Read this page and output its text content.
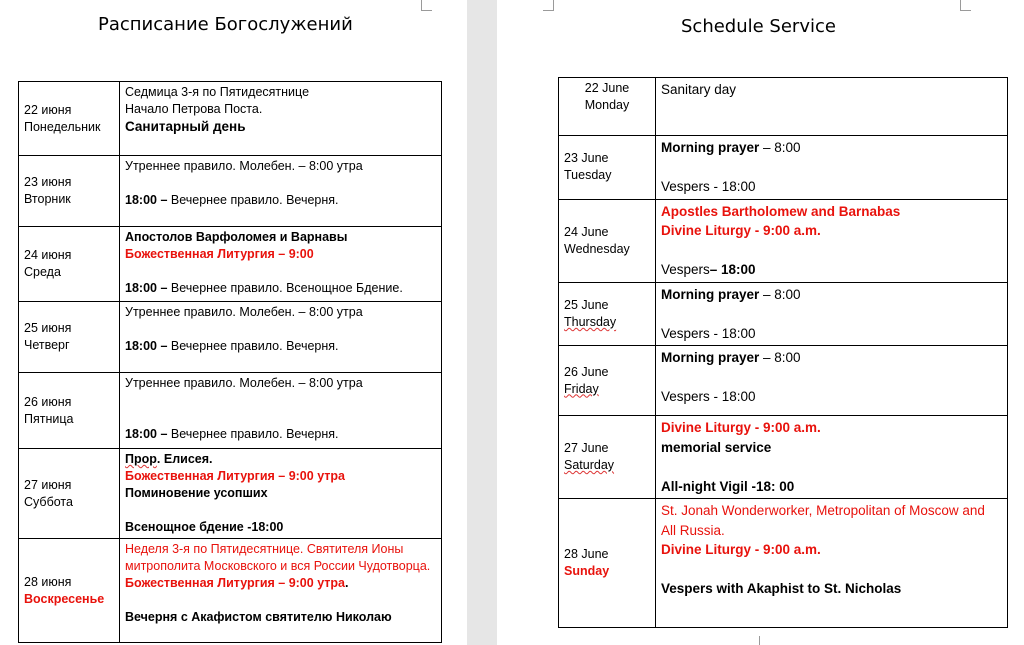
Расписание Богослужений
22 июня
Понедельник	Седмица 3-я по Пятидесятнице
Начало Петрова Поста.
Санитарный день

23 июня
Вторник	Утреннее правило. Молебен. – 8:00 утра
18:00 – Вечернее правило. Вечерня.

24 июня
Среда	Апостолов Варфоломея и Варнавы
Божественная Литургия – 9:00
18:00 – Вечернее правило. Всенощное Бдение.

25 июня
Четверг	Утреннее правило. Молебен. – 8:00 утра
18:00 – Вечернее правило. Вечерня.

26 июня
Пятница	Утреннее правило. Молебен. – 8:00 утра
18:00 – Вечернее правило. Вечерня.

27 июня
Суббота	Прор. Елисея.
Божественная Литургия – 9:00 утра
Поминовение усопших
Всенощное бдение -18:00

28 июня
Воскресенье	Неделя 3-я по Пятидесятнице. Святителя Ионы митрополита Московского и вся России Чудотворца.
Божественная Литургия – 9:00 утра.
Вечерня с Акафистом святителю Николаю
Schedule Service
22 June
Monday	Sanitary day

23 June
Tuesday	Morning prayer – 8:00
Vespers - 18:00

24 June
Wednesday	Apostles Bartholomew and Barnabas
Divine Liturgy - 9:00 a.m.
Vespers– 18:00

25 June
Thursday	Morning prayer – 8:00
Vespers - 18:00

26 June
Friday	Morning prayer – 8:00
Vespers - 18:00

27 June
Saturday	Divine Liturgy - 9:00 a.m.
memorial service
All-night Vigil -18: 00

28 June
Sunday	St. Jonah Wonderworker, Metropolitan of Moscow and All Russia.
Divine Liturgy - 9:00 a.m.
Vespers with Akaphist to St. Nicholas
